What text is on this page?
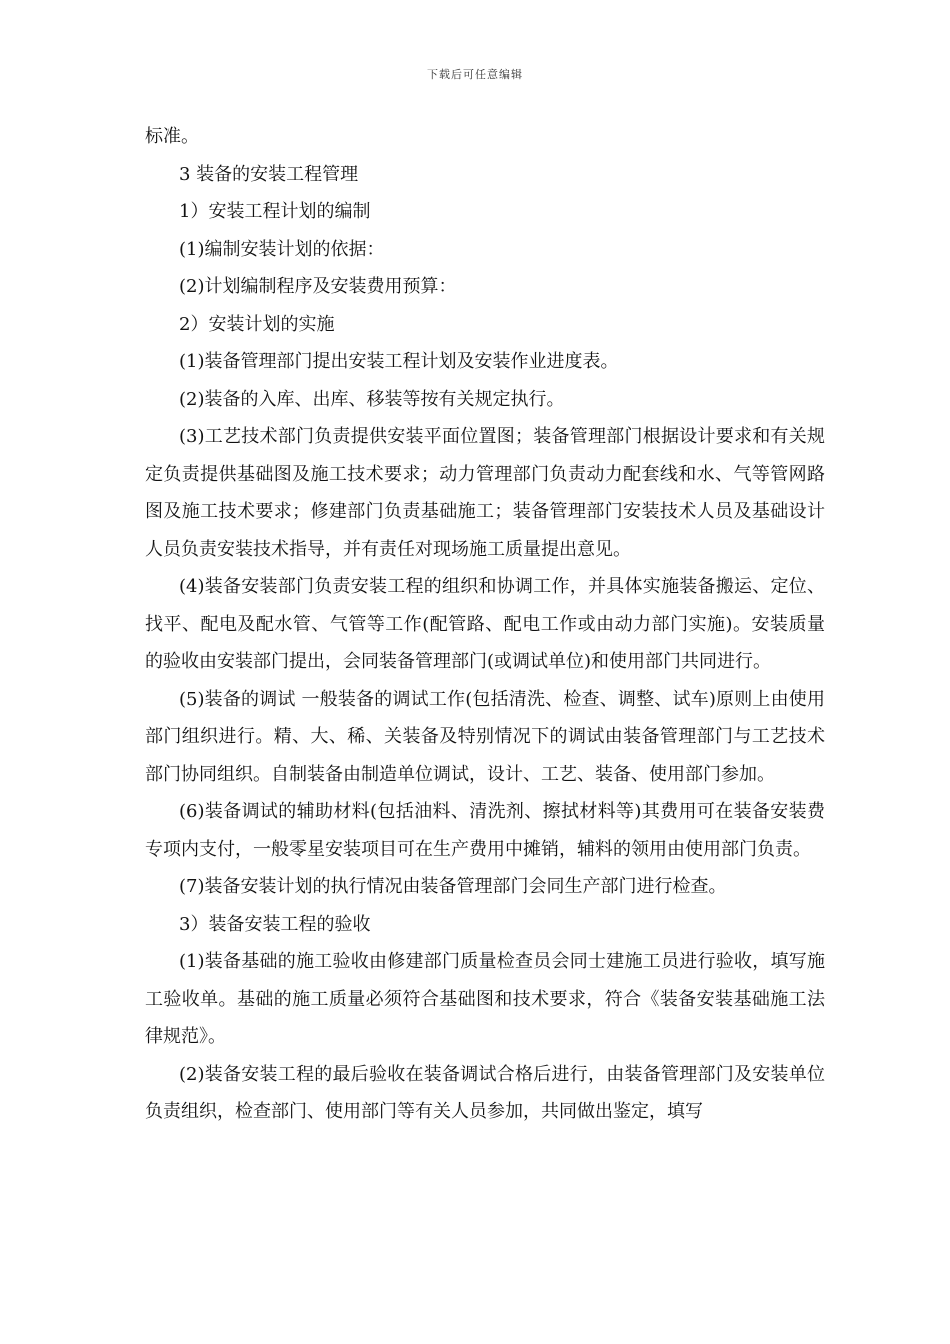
下载后可任意编辑

标准。

3 装备的安装工程管理

1）安装工程计划的编制

(1)编制安装计划的依据：

(2)计划编制程序及安装费用预算：

2）安装计划的实施

(1)装备管理部门提出安装工程计划及安装作业进度表。

(2)装备的入库、出库、移装等按有关规定执行。

(3)工艺技术部门负责提供安装平面位置图；装备管理部门根据设计要求和有关规定负责提供基础图及施工技术要求；动力管理部门负责动力配套线和水、气等管网路图及施工技术要求；修建部门负责基础施工；装备管理部门安装技术人员及基础设计人员负责安装技术指导，并有责任对现场施工质量提出意见。

(4)装备安装部门负责安装工程的组织和协调工作，并具体实施装备搬运、定位、找平、配电及配水管、气管等工作(配管路、配电工作或由动力部门实施)。安装质量的验收由安装部门提出，会同装备管理部门(或调试单位)和使用部门共同进行。

(5)装备的调试 一般装备的调试工作(包括清洗、检查、调整、试车)原则上由使用部门组织进行。精、大、稀、关装备及特别情况下的调试由装备管理部门与工艺技术部门协同组织。自制装备由制造单位调试，设计、工艺、装备、使用部门参加。

(6)装备调试的辅助材料(包括油料、清洗剂、擦拭材料等)其费用可在装备安装费专项内支付，一般零星安装项目可在生产费用中摊销，辅料的领用由使用部门负责。

(7)装备安装计划的执行情况由装备管理部门会同生产部门进行检查。

3）装备安装工程的验收

(1)装备基础的施工验收由修建部门质量检查员会同士建施工员进行验收，填写施工验收单。基础的施工质量必须符合基础图和技术要求，符合《装备安装基础施工法律规范》。

(2)装备安装工程的最后验收在装备调试合格后进行，由装备管理部门及安装单位负责组织，检查部门、使用部门等有关人员参加，共同做出鉴定，填写
